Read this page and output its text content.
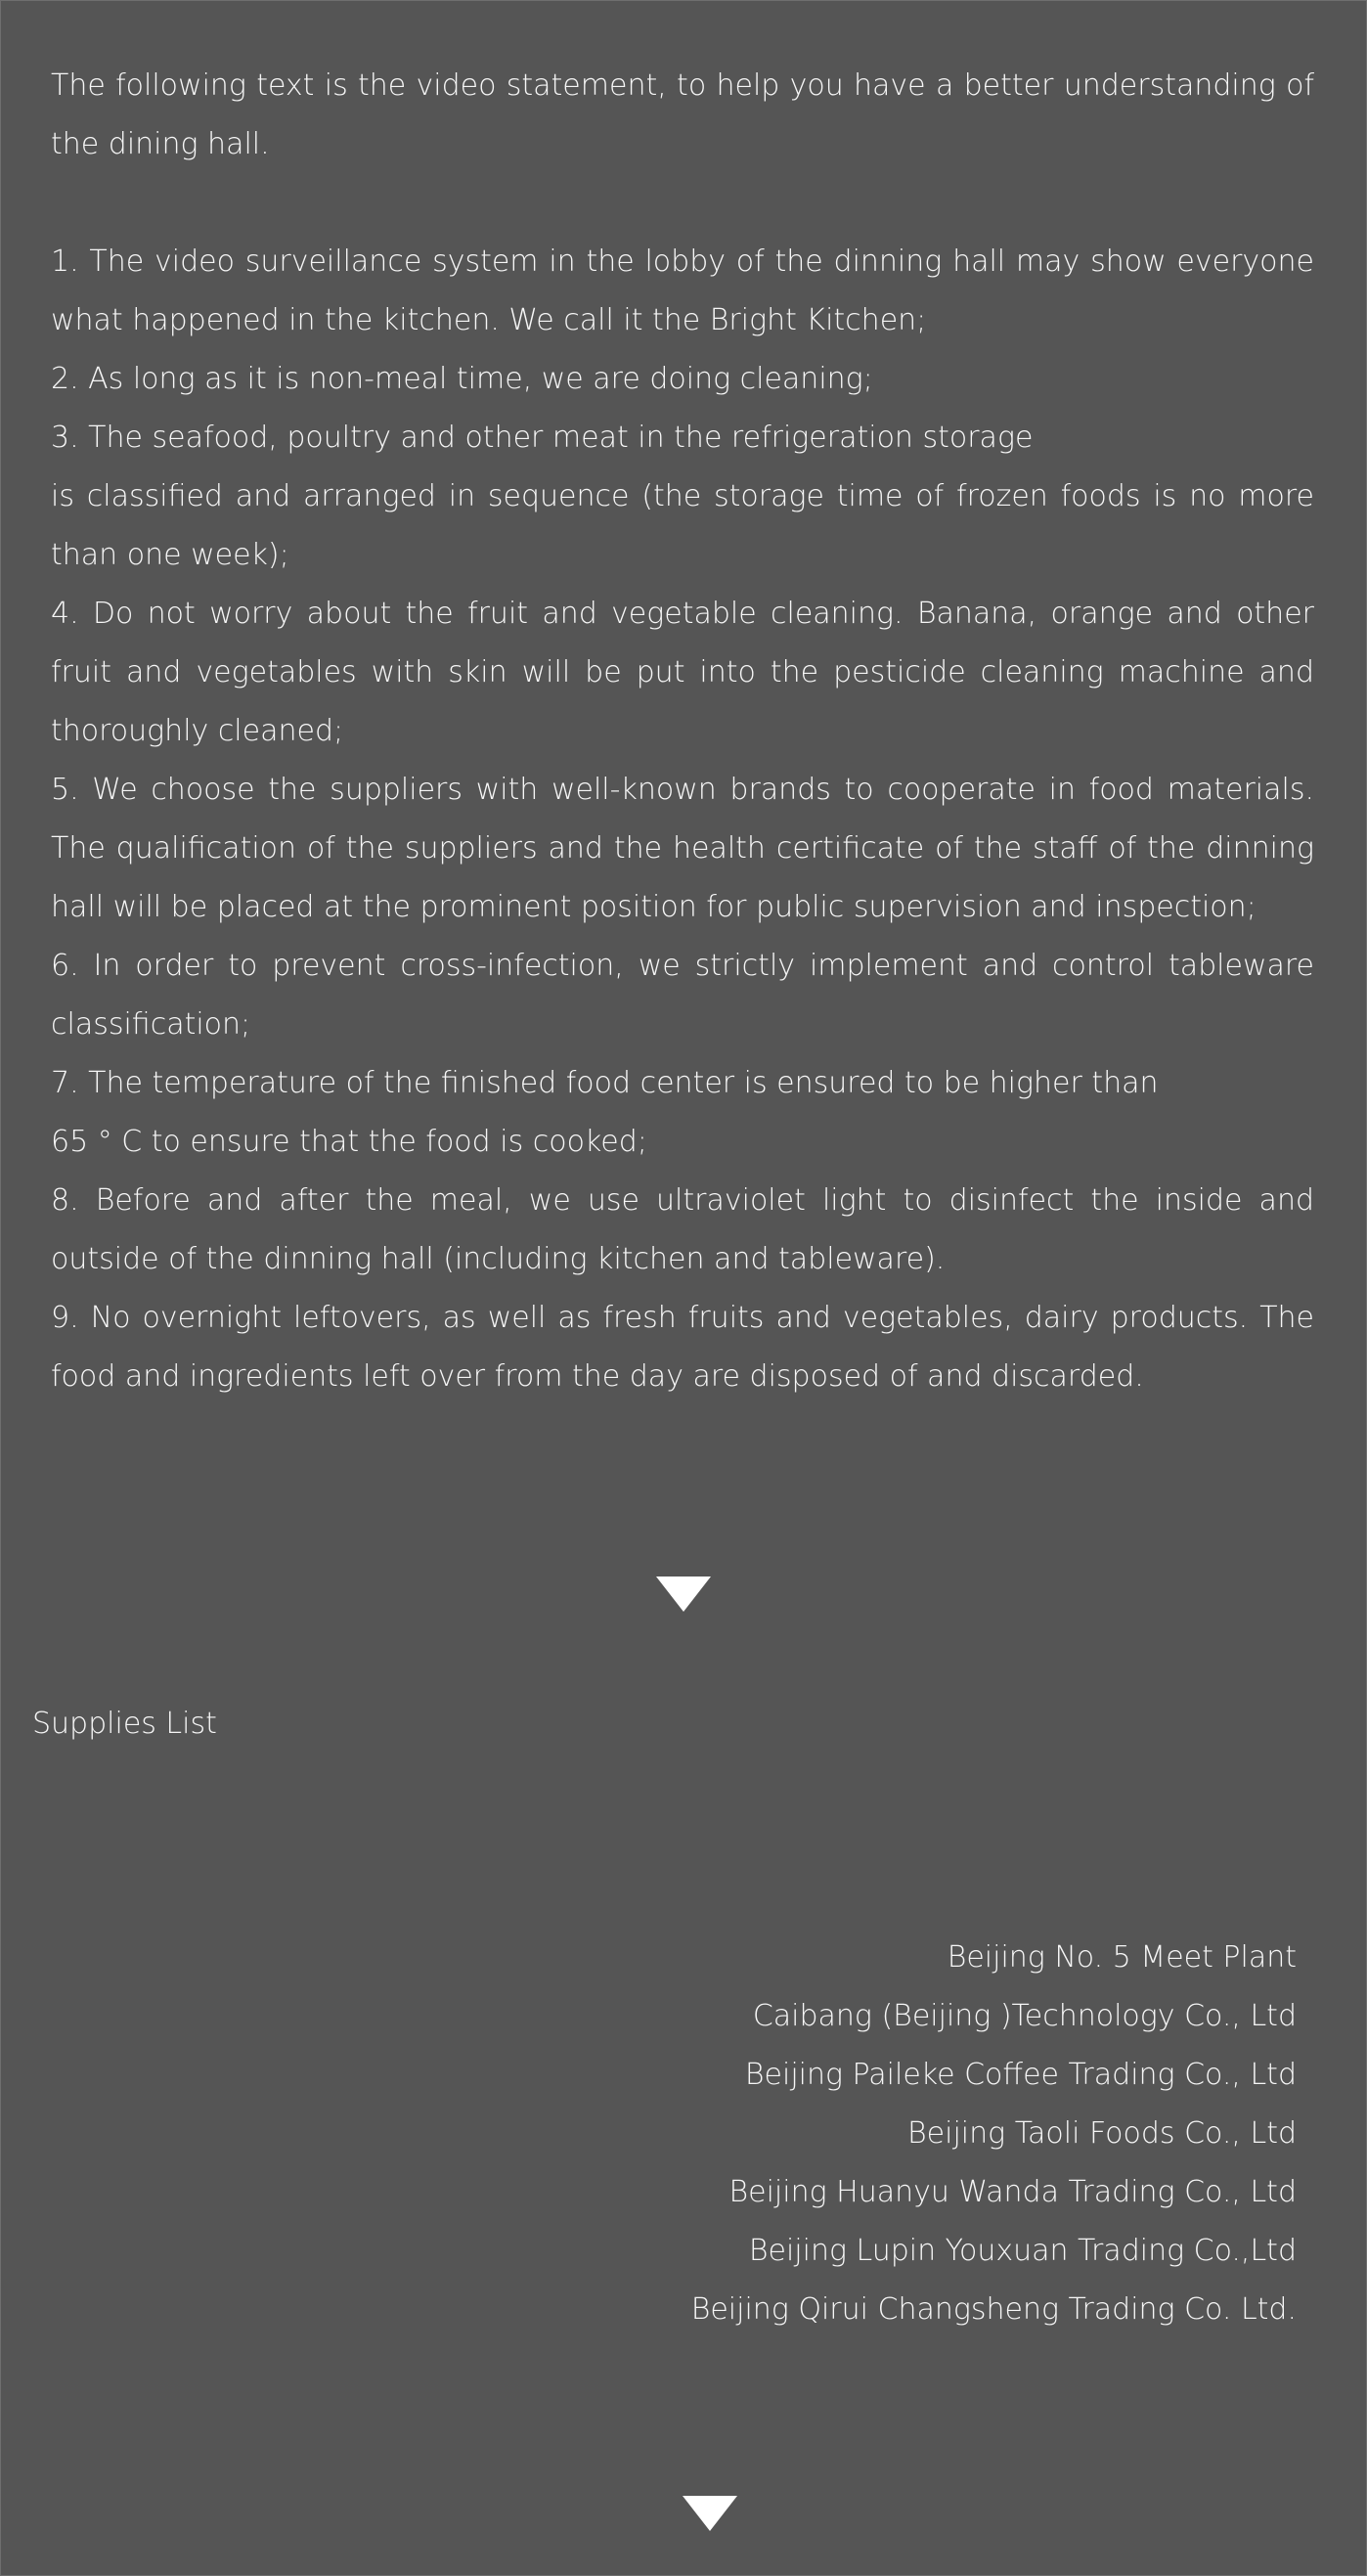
The following text is the video statement, to help you have a better understanding of the dining hall.

1. The video surveillance system in the lobby of the dinning hall may show everyone what happened in the kitchen. We call it the Bright Kitchen;

2. As long as it is non-meal time, we are doing cleaning;

3. The seafood, poultry and other meat in the refrigeration storage

is classified and arranged in sequence (the storage time of frozen foods is no more than one week);

4. Do not worry about the fruit and vegetable cleaning. Banana, orange and other fruit and vegetables with skin will be put into the pesticide cleaning machine and thoroughly cleaned;

5. We choose the suppliers with well-known brands to cooperate in food materials. The qualification of the suppliers and the health certificate of the staff of the dinning hall will be placed at the prominent position for public supervision and inspection;

6. In order to prevent cross-infection, we strictly implement and control tableware classification;

7. The temperature of the finished food center is ensured to be higher than

65 ° C to ensure that the food is cooked;

8. Before and after the meal, we use ultraviolet light to disinfect the inside and outside of the dinning hall (including kitchen and tableware).

9. No overnight leftovers, as well as fresh fruits and vegetables, dairy products. The food and ingredients left over from the day are disposed of and discarded.

Supplies List
Beijing No. 5 Meet Plant
Caibang (Beijing )Technology Co., Ltd
Beijing Paileke Coffee Trading Co., Ltd
Beijing Taoli Foods Co., Ltd
Beijing Huanyu Wanda Trading Co., Ltd
Beijing Lupin Youxuan Trading Co.,Ltd
Beijing Qirui Changsheng Trading Co. Ltd.
